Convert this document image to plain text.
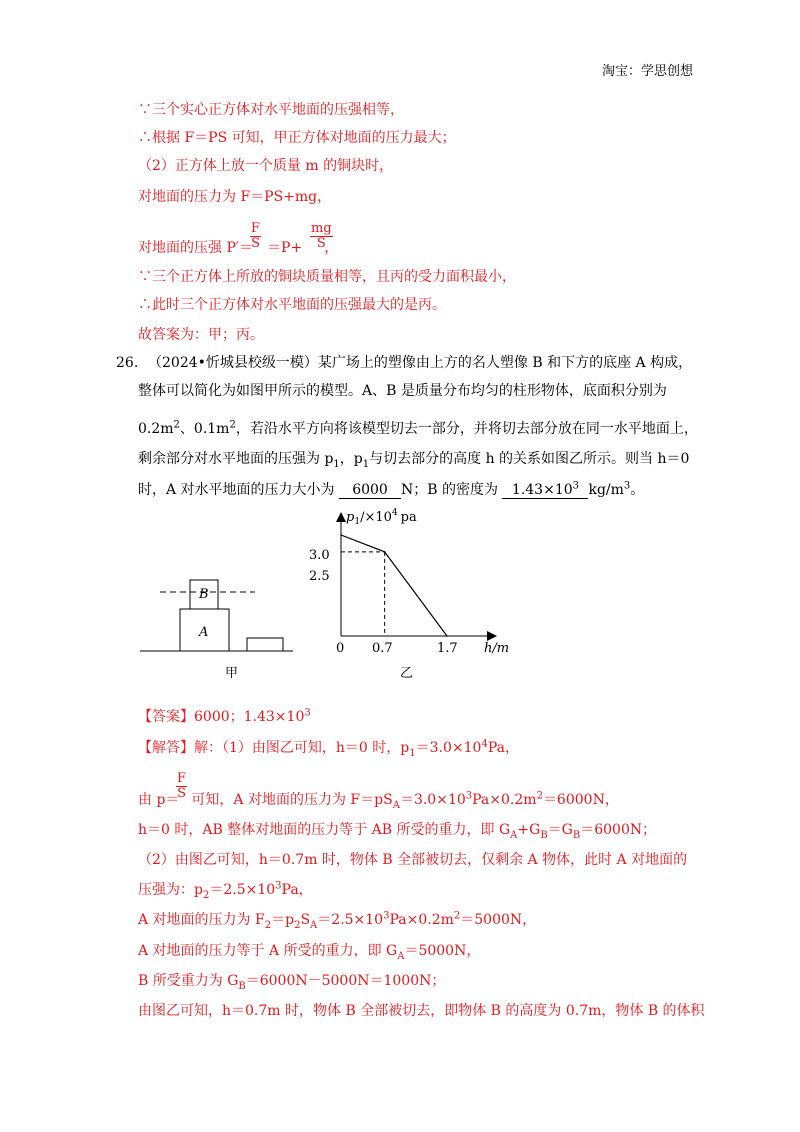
淘宝：学思创想
∵三个实心正方体对水平地面的压强相等，
∴根据 F＝PS 可知，甲正方体对地面的压力最大；
（2）正方体上放一个质量 m 的铜块时，
对地面的压力为 F＝PS+mg，
对地面的压强 P′＝ ＝P+ ，
$\frac{F}{S}$	$\frac{mg}{S}$
∵三个正方体上所放的铜块质量相等，且丙的受力面积最小，
∴此时三个正方体对水平地面的压强最大的是丙。
故答案为：甲；丙。
26. （2024•忻城县校级一模）某广场上的塑像由上方的名人塑像 B 和下方的底座 A 构成，
整体可以简化为如图甲所示的模型。A、B 是质量分布均匀的柱形物体，底面积分别为
$0.2m^2$、$0.1m^2$，若沿水平方向将该模型切去一部分，并将切去部分放在同一水平地面上，
剩余部分对水平地面的压强为 $p_1$，$p_1$与切去部分的高度 h 的关系如图乙所示。则当 h＝0
时，A 对水平地面的压力大小为 6000 N；B 的密度为 $1.43\times 10^3$ $kg/m^3$。
B
A
甲
$p_1/\times 10^4$ pa
h/m
3.0
2.5
0 0.7	1.7
乙
【答案】6000；$1.43\times 10^3$
【解答】解：（1）由图乙可知，h＝0 时，$p_1=3.0\times 10^4Pa$，
$\frac{F}{S}$
由 p＝ 可知，A 对地面的压力为 $F=pS_A=3.0\times 10^3Pa\times 0.2m^2=6000N$，
h＝0 时，AB 整体对地面的压力等于 AB 所受的重力，即 $G_A+G_B=G_B=6000N$；
（2）由图乙可知，h＝0.7m 时，物体 B 全部被切去，仅剩余 A 物体，此时 A 对地面的
压强为：$p_2=2.5\times 10^3Pa$，
A 对地面的压力为 $F_2=p_2S_A=2.5\times 10^3Pa\times 0.2m^2=5000N$，
A 对地面的压力等于 A 所受的重力，即 $G_A=5000N$，
B 所受重力为 $G_B=6000N-5000N=1000N$；
由图乙可知，h＝0.7m 时，物体 B 全部被切去，即物体 B 的高度为 0.7m，物体 B 的体积
